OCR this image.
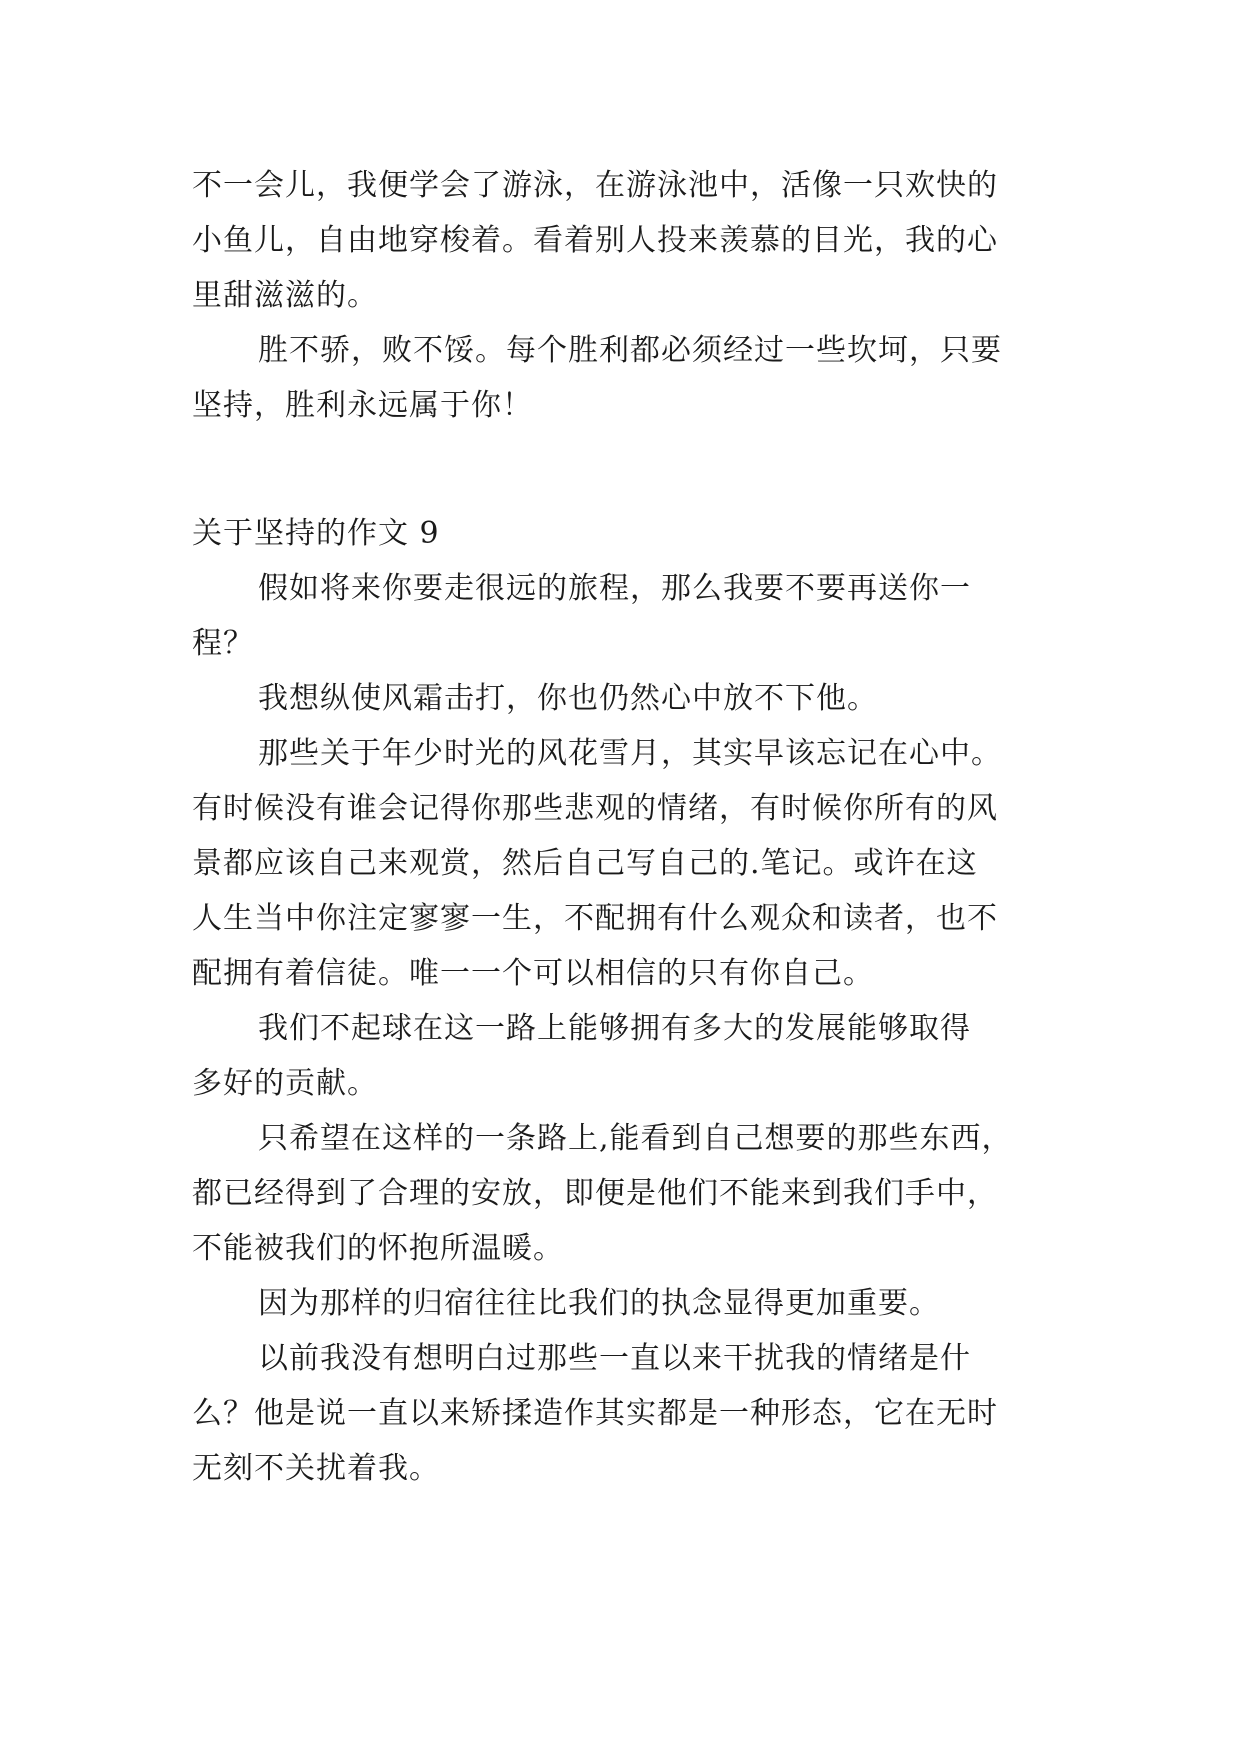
不一会儿，我便学会了游泳，在游泳池中，活像一只欢快的
小鱼儿，自由地穿梭着。看着别人投来羡慕的目光，我的心
里甜滋滋的。
胜不骄，败不馁。每个胜利都必须经过一些坎坷，只要
坚持，胜利永远属于你！
关于坚持的作文 9
假如将来你要走很远的旅程，那么我要不要再送你一
程？
我想纵使风霜击打，你也仍然心中放不下他。
那些关于年少时光的风花雪月，其实早该忘记在心中。
有时候没有谁会记得你那些悲观的情绪，有时候你所有的风
景都应该自己来观赏，然后自己写自己的.笔记。或许在这
人生当中你注定寥寥一生，不配拥有什么观众和读者，也不
配拥有着信徒。唯一一个可以相信的只有你自己。
我们不起球在这一路上能够拥有多大的发展能够取得
多好的贡献。
只希望在这样的一条路上,能看到自己想要的那些东西，
都已经得到了合理的安放，即便是他们不能来到我们手中，
不能被我们的怀抱所温暖。
因为那样的归宿往往比我们的执念显得更加重要。
以前我没有想明白过那些一直以来干扰我的情绪是什
么？他是说一直以来矫揉造作其实都是一种形态，它在无时
无刻不关扰着我。
